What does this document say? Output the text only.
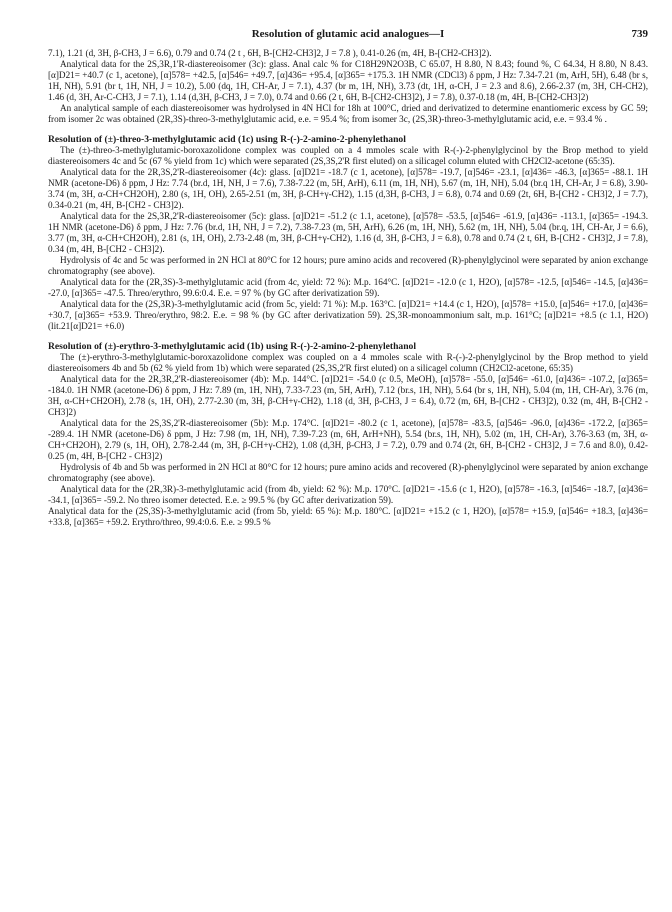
Resolution of glutamic acid analogues—I	739

7.1), 1.21 (d, 3H, β-CH3, J = 6.6), 0.79 and 0.74 (2 t , 6H, B-[CH2-CH3]2, J = 7.8 ), 0.41-0.26 (m, 4H, B-[CH2-CH3]2).

Analytical data for the 2S,3R,1'R-diastereoisomer (3c): glass. Anal calc % for C18H29N2O3B, C 65.07, H 8.80, N 8.43; found %, C 64.34, H 8.80, N 8.43. [α]D21= +40.7 (c 1, acetone), [α]578= +42.5, [α]546= +49.7, [α]436= +95.4, [α]365= +175.3. 1H NMR (CDCl3) δ ppm, J Hz: 7.34-7.21 (m, ArH, 5H), 6.48 (br s, 1H, NH), 5.91 (br t, 1H, NH, J = 10.2), 5.00 (dq, 1H, CH-Ar, J = 7.1), 4.37 (br m, 1H, NH), 3.73 (dt, 1H, α-CH, J = 2.3 and 8.6), 2.66-2.37 (m, 3H, CH-CH2), 1.46 (d, 3H, Ar-C-CH3, J = 7.1), 1.14 (d,3H, β-CH3, J = 7.0), 0.74 and 0.66 (2 t, 6H, B-[CH2-CH3]2), J = 7.8), 0.37-0.18 (m, 4H, B-[CH2-CH3]2)

An analytical sample of each diastereoisomer was hydrolysed in 4N HCl for 18h at 100°C, dried and derivatized to determine enantiomeric excess by GC 59; from isomer 2c was obtained (2R,3S)-threo-3-methylglutamic acid, e.e. = 95.4 %; from isomer 3c, (2S,3R)-threo-3-methylglutamic acid, e.e. = 93.4 % .

Resolution of (±)-threo-3-methylglutamic acid (1c) using R-(-)-2-amino-2-phenylethanol

The (±)-threo-3-methylglutamic-boroxazolidone complex was coupled on a 4 mmoles scale with R-(-)-2-phenylglycinol by the Brop method to yield diastereoisomers 4c and 5c (67 % yield from 1c) which were separated (2S,3S,2'R first eluted) on a silicagel column eluted with CH2Cl2-acetone (65:35).

Analytical data for the 2R,3S,2'R-diastereoisomer (4c): glass. [α]D21= -18.7 (c 1, acetone), [α]578= -19.7, [α]546= -23.1, [α]436= -46.3, [α]365= -88.1. 1H NMR (acetone-D6) δ ppm, J Hz: 7.74 (br.d, 1H, NH, J = 7.6), 7.38-7.22 (m, 5H, ArH), 6.11 (m, 1H, NH), 5.67 (m, 1H, NH), 5.04 (br.q 1H, CH-Ar, J = 6.8), 3.90-3.74 (m, 3H, α-CH+CH2OH), 2.80 (s, 1H, OH), 2.65-2.51 (m, 3H, β-CH+γ-CH2), 1.15 (d,3H, β-CH3, J = 6.8), 0.74 and 0.69 (2t, 6H, B-[CH2 - CH3]2, J = 7.7), 0.34-0.21 (m, 4H, B-[CH2 - CH3]2).

Analytical data for the 2S,3R,2'R-diastereoisomer (5c): glass. [α]D21= -51.2 (c 1.1, acetone), [α]578= -53.5, [α]546= -61.9, [α]436= -113.1, [α]365= -194.3. 1H NMR (acetone-D6) δ ppm, J Hz: 7.76 (br.d, 1H, NH, J = 7.2), 7.38-7.23 (m, 5H, ArH), 6.26 (m, 1H, NH), 5.62 (m, 1H, NH), 5.04 (br.q, 1H, CH-Ar, J = 6.6), 3.77 (m, 3H, α-CH+CH2OH), 2.81 (s, 1H, OH), 2.73-2.48 (m, 3H, β-CH+γ-CH2), 1.16 (d, 3H, β-CH3, J = 6.8), 0.78 and 0.74 (2 t, 6H, B-[CH2 - CH3]2, J = 7.8), 0.34 (m, 4H, B-[CH2 - CH3]2).

Hydrolysis of 4c and 5c was performed in 2N HCl at 80°C for 12 hours; pure amino acids and recovered (R)-phenylglycinol were separated by anion exchange chromatography (see above).

Analytical data for the (2R,3S)-3-methylglutamic acid (from 4c, yield: 72 %): M.p. 164°C. [α]D21= -12.0 (c 1, H2O), [α]578= -12.5, [α]546= -14.5, [α]436= -27.0, [α]365= -47.5. Threo/erythro, 99.6:0.4. E.e. = 97 % (by GC after derivatization 59).

Analytical data for the (2S,3R)-3-methylglutamic acid (from 5c, yield: 71 %): M.p. 163°C. [α]D21= +14.4 (c 1, H2O), [α]578= +15.0, [α]546= +17.0, [α]436= +30.7, [α]365= +53.9. Threo/erythro, 98:2. E.e. = 98 % (by GC after derivatization 59). 2S,3R-monoammonium salt, m.p. 161°C; [α]D21= +8.5 (c 1.1, H2O) (lit.21[α]D21= +6.0)

Resolution of (±)-erythro-3-methylglutamic acid (1b) using R-(-)-2-amino-2-phenylethanol

The (±)-erythro-3-methylglutamic-boroxazolidone complex was coupled on a 4 mmoles scale with R-(-)-2-phenylglycinol by the Brop method to yield diastereoisomers 4b and 5b (62 % yield from 1b) which were separated (2S,3S,2'R first eluted) on a silicagel column (CH2Cl2-acetone, 65:35)

Analytical data for the 2R,3R,2'R-diastereoisomer (4b): M.p. 144°C. [α]D21= -54.0 (c 0.5, MeOH), [α]578= -55.0, [α]546= -61.0, [α]436= -107.2, [α]365= -184.0. 1H NMR (acetone-D6) δ ppm, J Hz: 7.89 (m, 1H, NH), 7.33-7.23 (m, 5H, ArH), 7.12 (br.s, 1H, NH), 5.64 (br s, 1H, NH), 5.04 (m, 1H, CH-Ar), 3.76 (m, 3H, α-CH+CH2OH), 2.78 (s, 1H, OH), 2.77-2.30 (m, 3H, β-CH+γ-CH2), 1.18 (d, 3H, β-CH3, J = 6.4), 0.72 (m, 6H, B-[CH2 - CH3]2), 0.32 (m, 4H, B-[CH2 - CH3]2)

Analytical data for the 2S,3S,2'R-diastereoisomer (5b): M.p. 174°C. [α]D21= -80.2 (c 1, acetone), [α]578= -83.5, [α]546= -96.0, [α]436= -172.2, [α]365= -289.4. 1H NMR (acetone-D6) δ ppm, J Hz: 7.98 (m, 1H, NH), 7.39-7.23 (m, 6H, ArH+NH), 5.54 (br.s, 1H, NH), 5.02 (m, 1H, CH-Ar), 3.76-3.63 (m, 3H, α-CH+CH2OH), 2.79 (s, 1H, OH), 2.78-2.44 (m, 3H, β-CH+γ-CH2), 1.08 (d,3H, β-CH3, J = 7.2), 0.79 and 0.74 (2t, 6H, B-[CH2 - CH3]2, J = 7.6 and 8.0), 0.42-0.25 (m, 4H, B-[CH2 - CH3]2)

Hydrolysis of 4b and 5b was performed in 2N HCl at 80°C for 12 hours; pure amino acids and recovered (R)-phenylglycinol were separated by anion exchange chromatography (see above).

Analytical data for the (2R,3R)-3-methylglutamic acid (from 4b, yield: 62 %): M.p. 170°C. [α]D21= -15.6 (c 1, H2O), [α]578= -16.3, [α]546= -18.7, [α]436= -34.1, [α]365= -59.2. No threo isomer detected. E.e. ≥ 99.5 % (by GC after derivatization 59).

Analytical data for the (2S,3S)-3-methylglutamic acid (from 5b, yield: 65 %): M.p. 180°C. [α]D21= +15.2 (c 1, H2O), [α]578= +15.9, [α]546= +18.3, [α]436= +33.8, [α]365= +59.2. Erythro/threo, 99.4:0.6. E.e. ≥ 99.5 %
